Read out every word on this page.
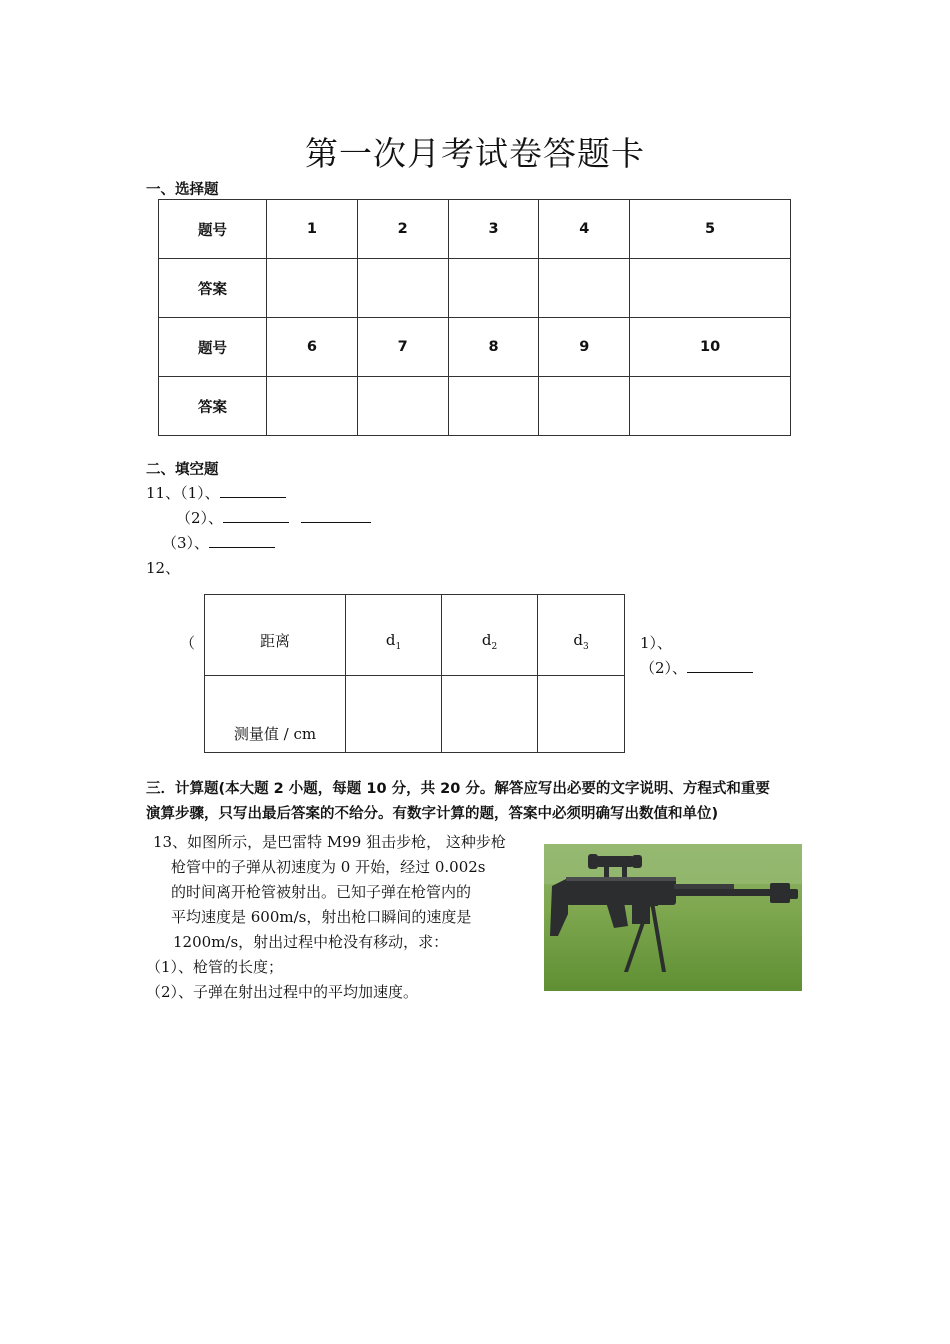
第一次月考试卷答题卡
一、选择题
题号	1	2	3	4	5
答案					
题号	6	7	8	9	10
答案					
二、填空题
11、（1）、
（2）、
（3）、
12、
（	距离	$d_1$	$d_2$	$d_3$
测量值 / cm			
1）、
（2）、
三．计算题(本大题 2 小题，每题 10 分，共 20 分。解答应写出必要的文字说明、方程式和重要
演算步骤，只写出最后答案的不给分。有数字计算的题，答案中必须明确写出数值和单位)
13、如图所示，是巴雷特 M99 狙击步枪， 这种步枪
枪管中的子弹从初速度为 0 开始，经过 0.002s
的时间离开枪管被射出。已知子弹在枪管内的
平均速度是 600m/s，射出枪口瞬间的速度是
1200m/s，射出过程中枪没有移动，求：
（1）、枪管的长度；
（2）、子弹在射出过程中的平均加速度。
